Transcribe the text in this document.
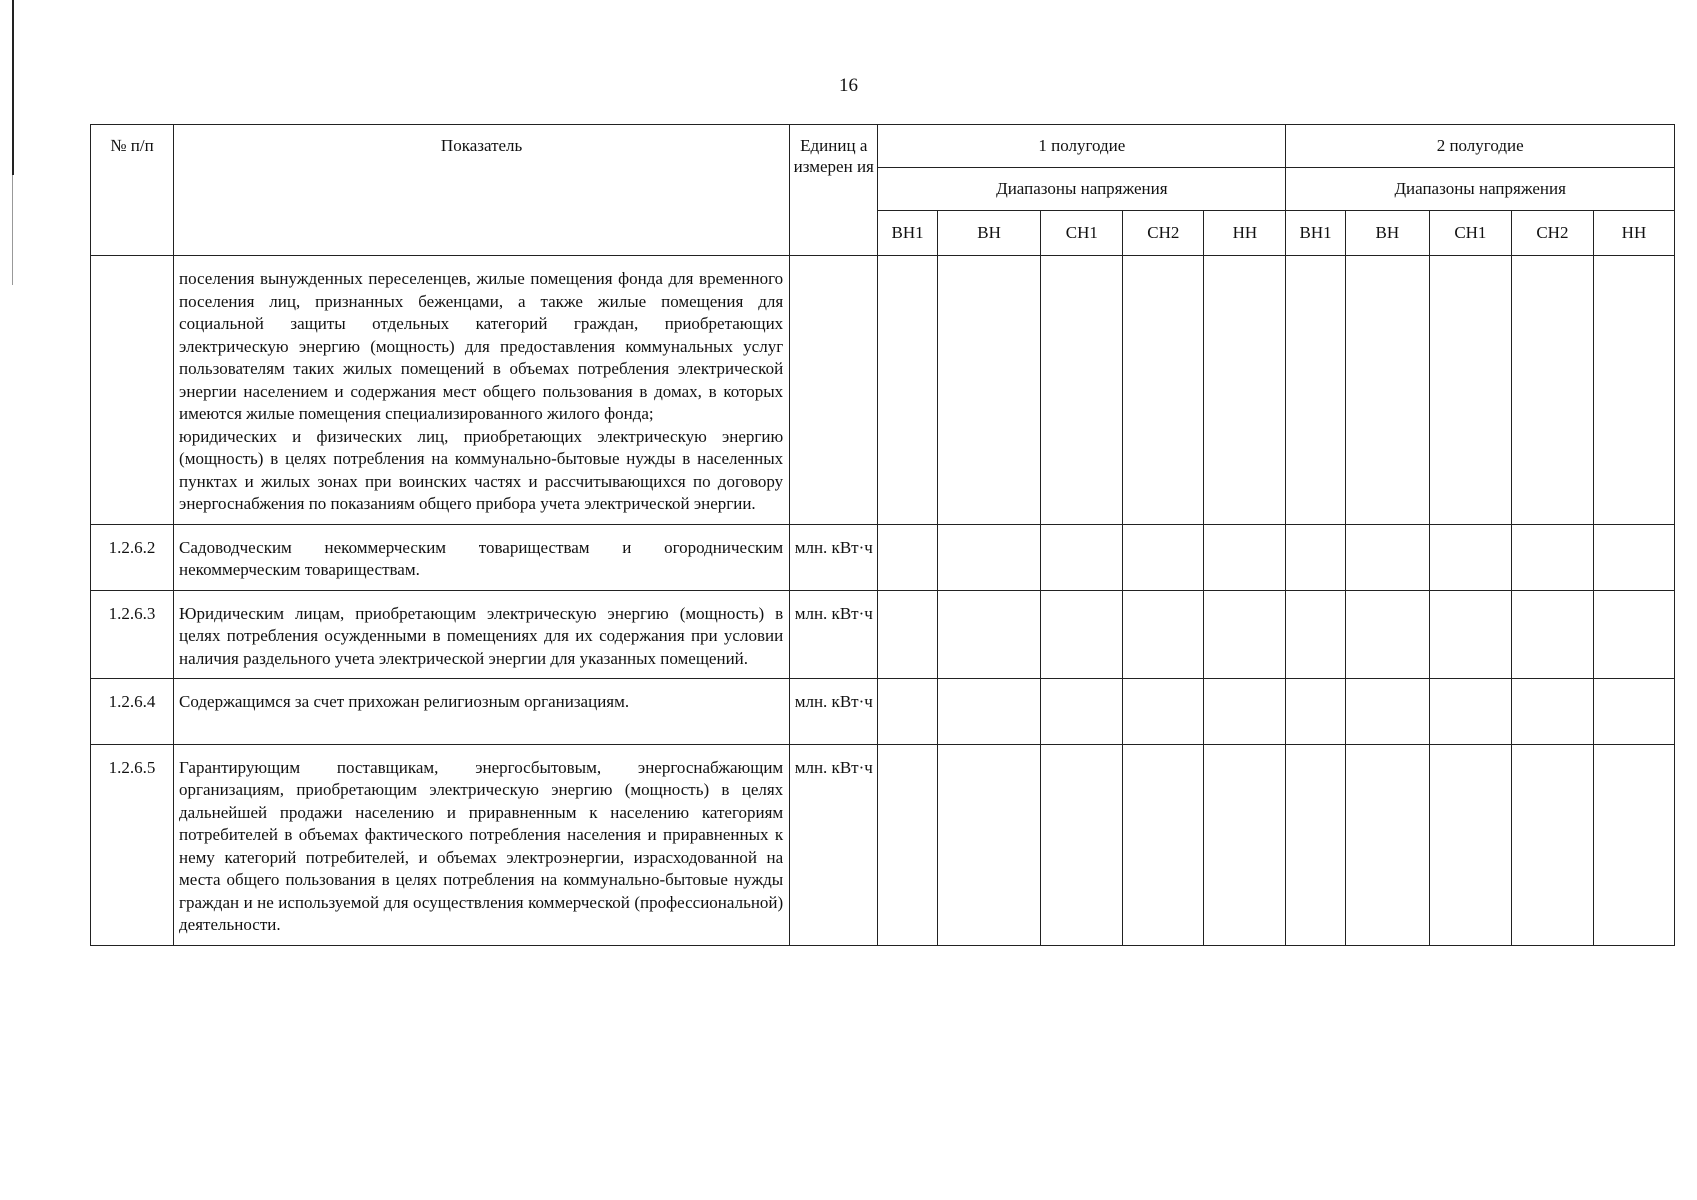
16
№ п/п	Показатель	Единиц а измерен ия	1 полугодие					2 полугодие				
			Диапазоны напряжения					Диапазоны напряжения				
			ВН1	ВН	СН1	СН2	НН	ВН1	ВН	СН1	СН2	НН

	поселения вынужденных переселенцев, жилые помещения фонда для временного поселения лиц, признанных беженцами, а также жилые помещения для социальной защиты отдельных категорий граждан, приобретающих электрическую энергию (мощность) для предоставления коммунальных услуг пользователям таких жилых помещений в объемах потребления электрической энергии населением и содержания мест общего пользования в домах, в которых имеются жилые помещения специализированного жилого фонда;
юридических и физических лиц, приобретающих электрическую энергию (мощность) в целях потребления на коммунально-бытовые нужды в населенных пунктах и жилых зонах при воинских частях и рассчитывающихся по договору энергоснабжения по показаниям общего прибора учета электрической энергии.											

1.2.6.2	Садоводческим некоммерческим товариществам и огородническим некоммерческим товариществам.	млн. кВт·ч										
1.2.6.3	Юридическим лицам, приобретающим электрическую энергию (мощность) в целях потребления осужденными в помещениях для их содержания при условии наличия раздельного учета электрической энергии для указанных помещений.	млн. кВт·ч										
1.2.6.4	Содержащимся за счет прихожан религиозным организациям.	млн. кВт·ч										
1.2.6.5	Гарантирующим поставщикам, энергосбытовым, энергоснабжающим организациям, приобретающим электрическую энергию (мощность) в целях дальнейшей продажи населению и приравненным к населению категориям потребителей в объемах фактического потребления населения и приравненных к нему категорий потребителей, и объемах электроэнергии, израсходованной на места общего пользования в целях потребления на коммунально-бытовые нужды граждан и не используемой для осуществления коммерческой (профессиональной) деятельности.	млн. кВт·ч										
